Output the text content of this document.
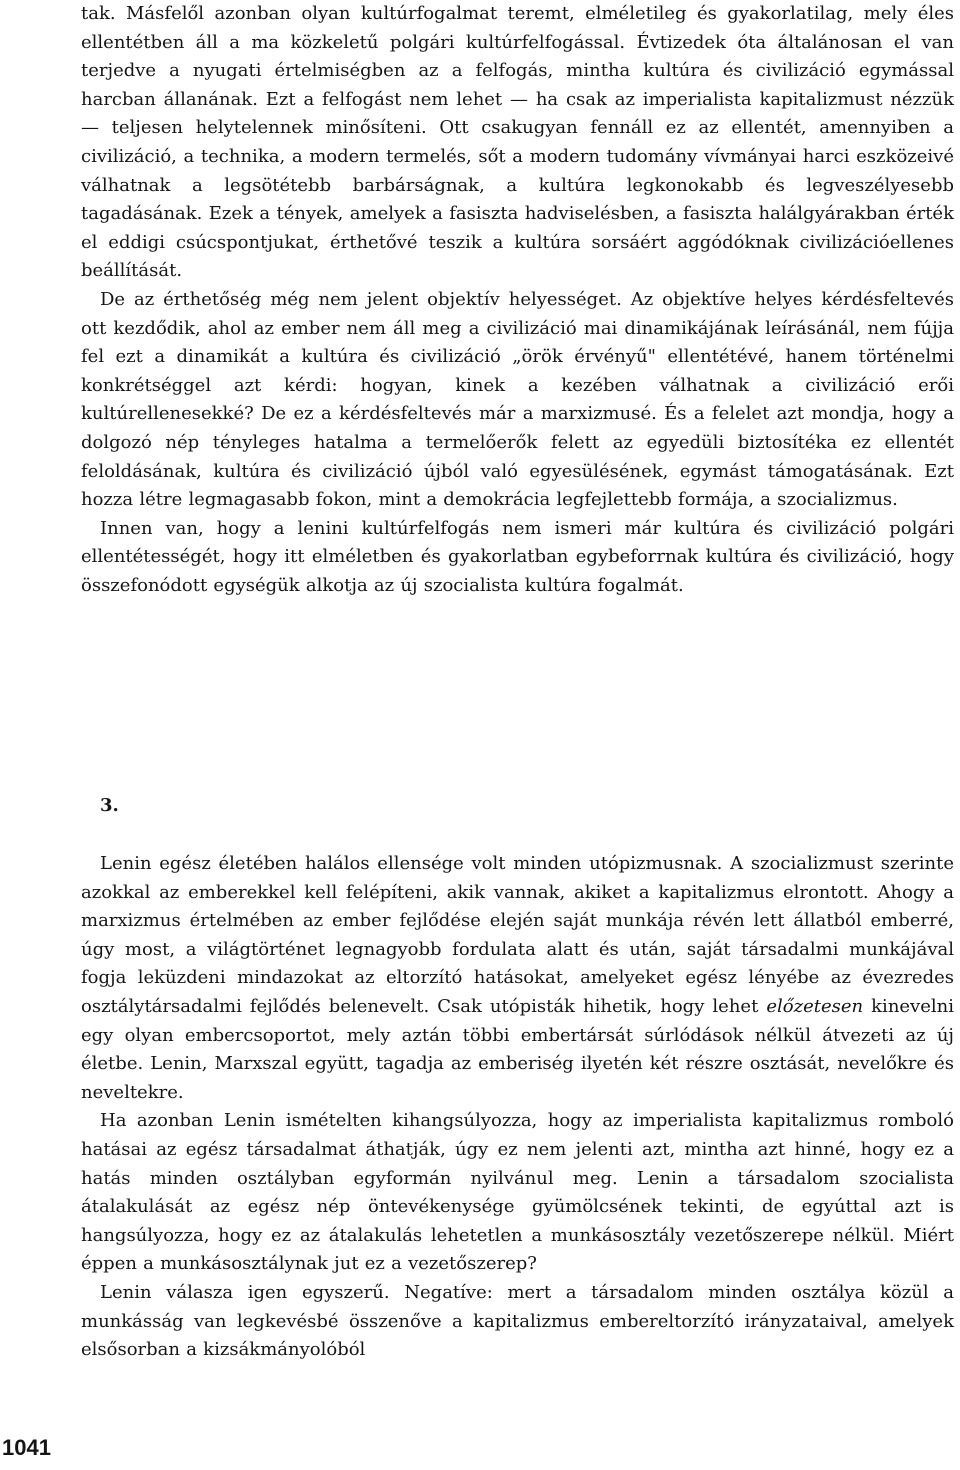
tak. Másfelől azonban olyan kultúrfogalmat teremt, elméletileg és gyakorlatilag, mely éles ellentétben áll a ma közkeletű polgári kultúrfelfogással. Évtizedek óta általánosan el van terjedve a nyugati értelmiségben az a felfogás, mintha kultúra és civilizáció egymással harcban állanának. Ezt a felfogást nem lehet — ha csak az imperialista kapitalizmust nézzük — teljesen helytelennek minősíteni. Ott csakugyan fennáll ez az ellentét, amennyiben a civilizáció, a technika, a modern termelés, sőt a modern tudomány vívmányai harci eszközeivé válhatnak a legsötétebb barbárságnak, a kultúra legkonokabb és legveszélyesebb tagadásának. Ezek a tények, amelyek a fasiszta hadviselésben, a fasiszta halálgyárakban érték el eddigi csúcspontjukat, érthetővé teszik a kultúra sorsáért aggódóknak civilizációellenes beállítását.

De az érthetőség még nem jelent objektív helyességet. Az objektíve helyes kérdésfeltevés ott kezdődik, ahol az ember nem áll meg a civilizáció mai dinamikájának leírásánál, nem fújja fel ezt a dinamikát a kultúra és civilizáció „örök érvényű" ellentétévé, hanem történelmi konkrétséggel azt kérdi: hogyan, kinek a kezében válhatnak a civilizáció erői kultúrellenesekké? De ez a kérdésfeltevés már a marxizmusé. És a felelet azt mondja, hogy a dolgozó nép tényleges hatalma a termelőerők felett az egyedüli biztosítéka ez ellentét feloldásának, kultúra és civilizáció újból való egyesülésének, egymást támogatásának. Ezt hozza létre legmagasabb fokon, mint a demokrácia legfejlettebb formája, a szocializmus.

Innen van, hogy a lenini kultúrfelfogás nem ismeri már kultúra és civilizáció polgári ellentétességét, hogy itt elméletben és gyakorlatban egybeforrnak kultúra és civilizáció, hogy összefonódott egységük alkotja az új szocialista kultúra fogalmát.

3.

Lenin egész életében halálos ellensége volt minden utópizmusnak. A szocializmust szerinte azokkal az emberekkel kell felépíteni, akik vannak, akiket a kapitalizmus elrontott. Ahogy a marxizmus értelmében az ember fejlődése elején saját munkája révén lett állatból emberré, úgy most, a világtörténet legnagyobb fordulata alatt és után, saját társadalmi munkájával fogja leküzdeni mindazokat az eltorzító hatásokat, amelyeket egész lényébe az évezredes osztálytársadalmi fejlődés belenevelt. Csak utópisták hihetik, hogy lehet előzetesen kinevelni egy olyan embercsoportot, mely aztán többi embertársát súrlódások nélkül átvezeti az új életbe. Lenin, Marxszal együtt, tagadja az emberiség ilyetén két részre osztását, nevelőkre és neveltekre.

Ha azonban Lenin ismételten kihangsúlyozza, hogy az imperialista kapitalizmus romboló hatásai az egész társadalmat áthatják, úgy ez nem jelenti azt, mintha azt hinné, hogy ez a hatás minden osztályban egyformán nyilvánul meg. Lenin a társadalom szocialista átalakulását az egész nép öntevékenysége gyümölcsének tekinti, de egyúttal azt is hangsúlyozza, hogy ez az átalakulás lehetetlen a munkásosztály vezetőszerepe nélkül. Miért éppen a munkásosztálynak jut ez a vezetőszerep?

Lenin válasza igen egyszerű. Negatíve: mert a társadalom minden osztálya közül a munkásság van legkevésbé összenőve a kapitalizmus embereltorzító irányzataival, amelyek elsősorban a kizsákmányolóból

1041
